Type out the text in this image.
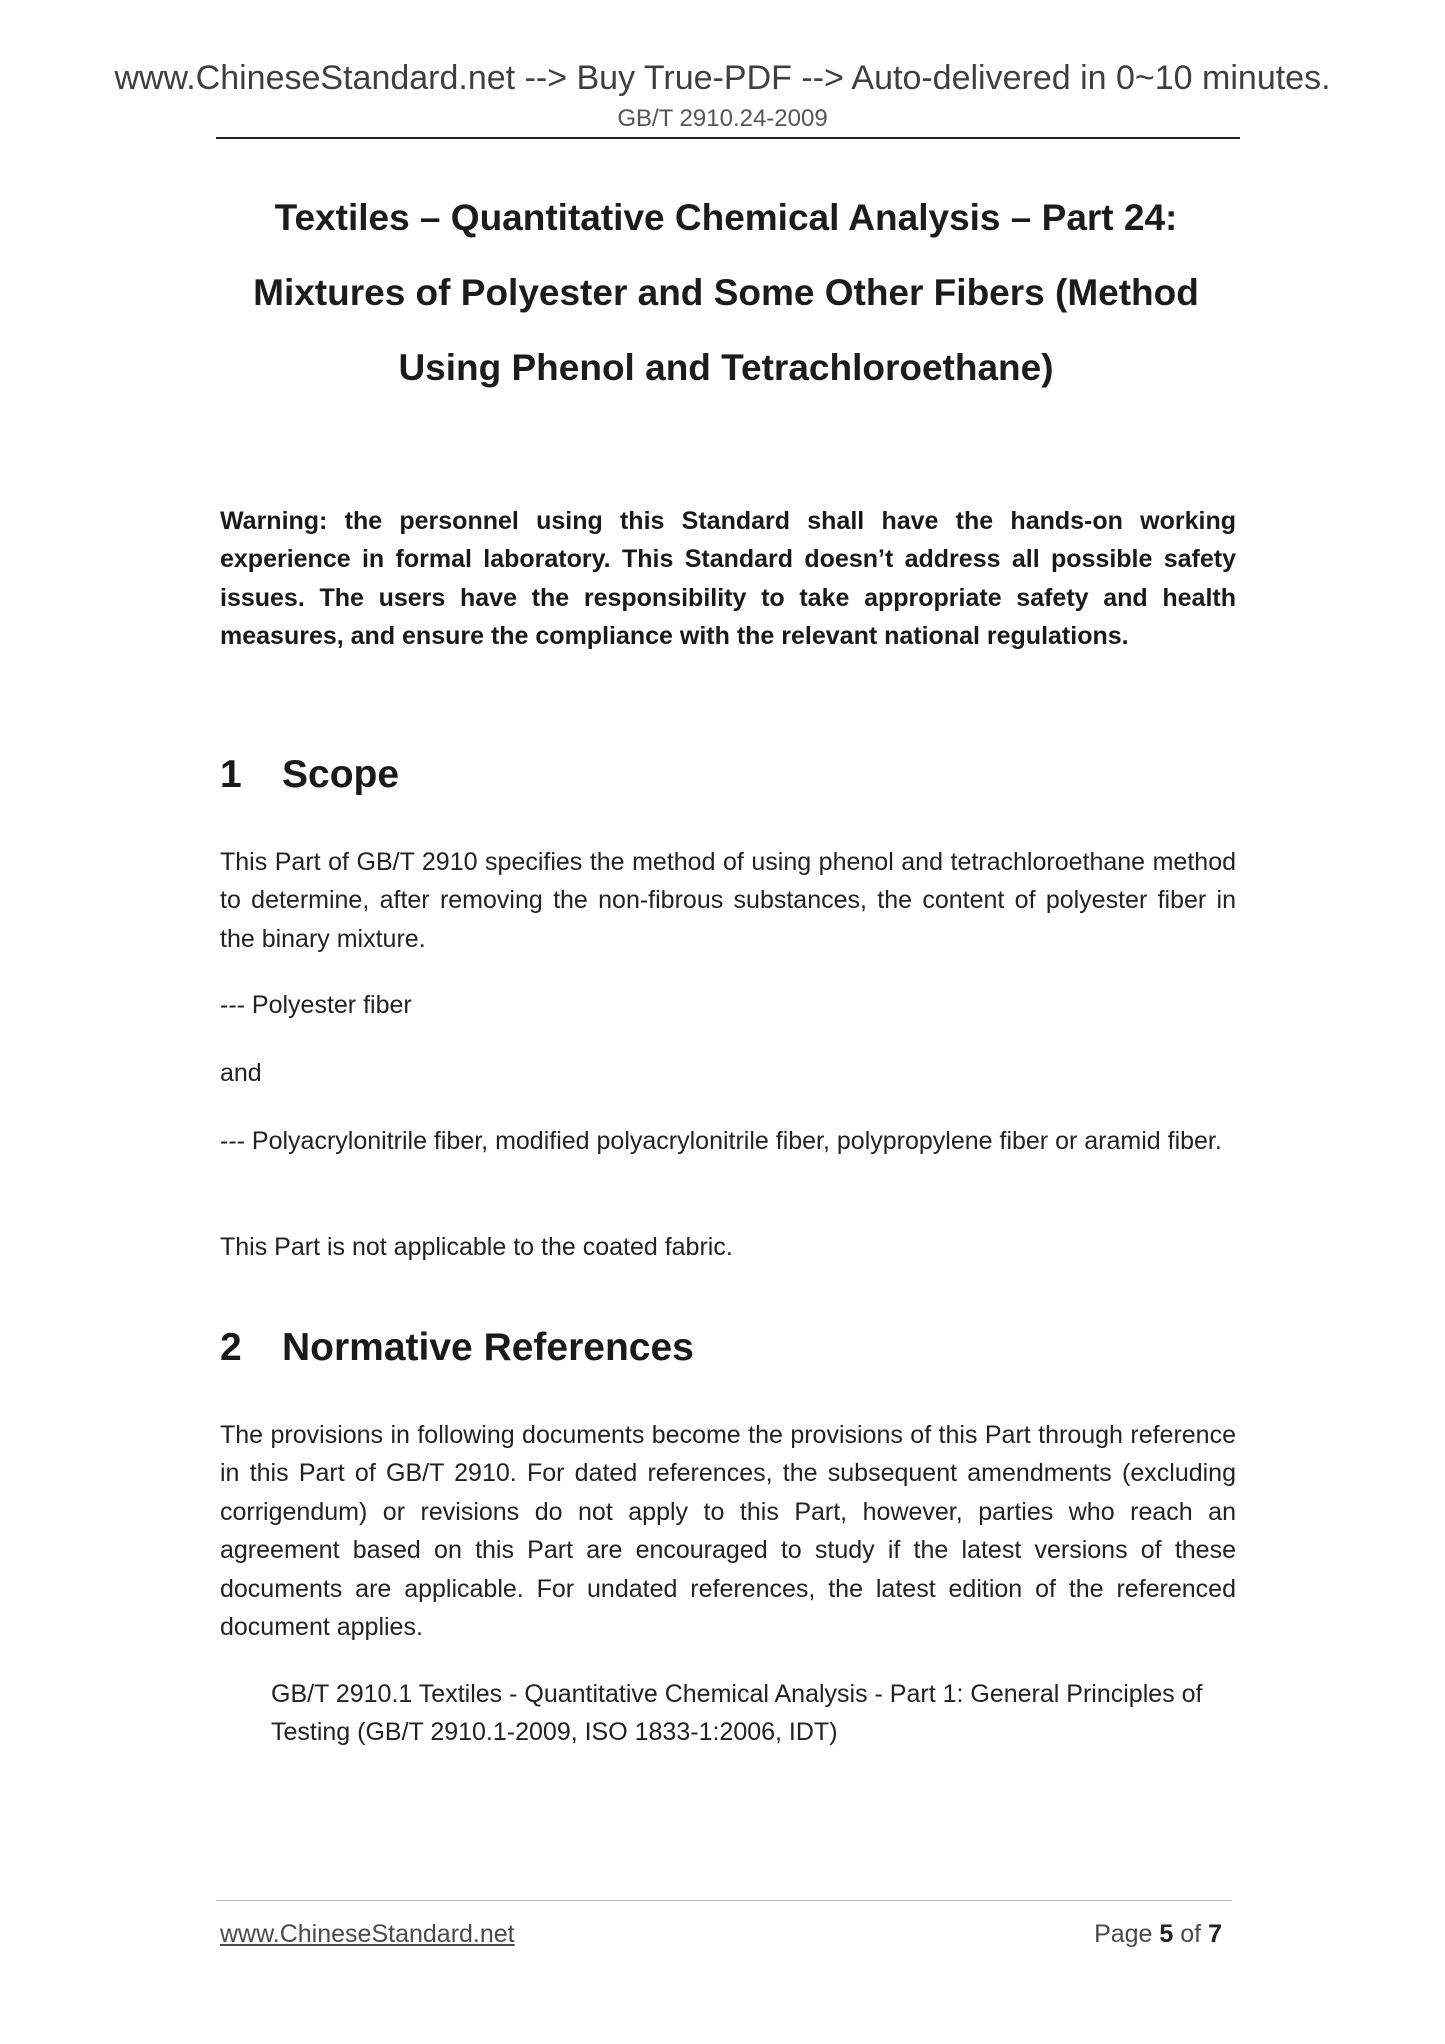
www.ChineseStandard.net --> Buy True-PDF --> Auto-delivered in 0~10 minutes.
GB/T 2910.24-2009
Textiles – Quantitative Chemical Analysis – Part 24:
Mixtures of Polyester and Some Other Fibers (Method
Using Phenol and Tetrachloroethane)
Warning: the personnel using this Standard shall have the hands-on working experience in formal laboratory. This Standard doesn’t address all possible safety issues. The users have the responsibility to take appropriate safety and health measures, and ensure the compliance with the relevant national regulations.
1 Scope
This Part of GB/T 2910 specifies the method of using phenol and tetrachloroethane method to determine, after removing the non-fibrous substances, the content of polyester fiber in the binary mixture.
--- Polyester fiber
and
--- Polyacrylonitrile fiber, modified polyacrylonitrile fiber, polypropylene fiber or aramid fiber.
This Part is not applicable to the coated fabric.
2 Normative References
The provisions in following documents become the provisions of this Part through reference in this Part of GB/T 2910. For dated references, the subsequent amendments (excluding corrigendum) or revisions do not apply to this Part, however, parties who reach an agreement based on this Part are encouraged to study if the latest versions of these documents are applicable. For undated references, the latest edition of the referenced document applies.
GB/T 2910.1 Textiles - Quantitative Chemical Analysis - Part 1: General Principles of Testing (GB/T 2910.1-2009, ISO 1833-1:2006, IDT)
www.ChineseStandard.net	Page 5 of 7
